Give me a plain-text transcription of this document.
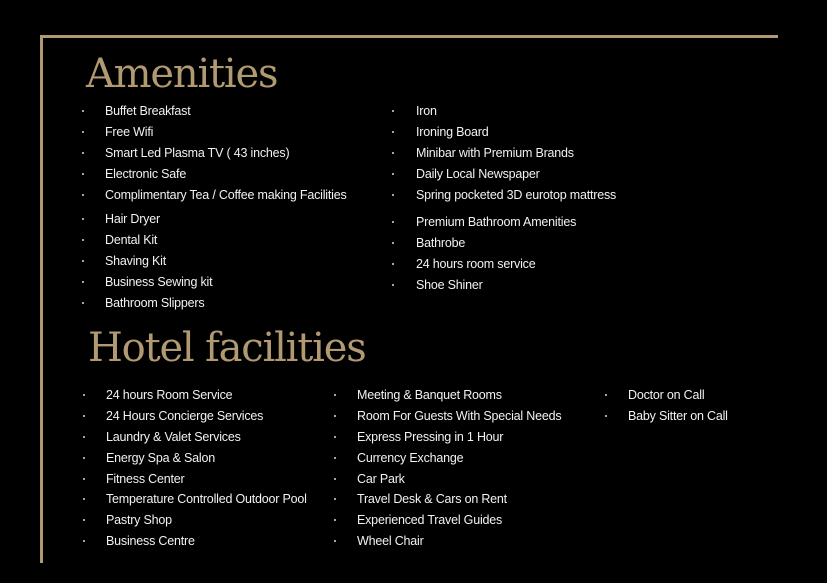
Amenities
Buffet Breakfast
Free Wifi
Smart Led Plasma TV ( 43 inches)
Electronic Safe
Complimentary Tea / Coffee making Facilities
Hair Dryer
Dental Kit
Shaving Kit
Business Sewing kit
Bathroom Slippers
Iron
Ironing Board
Minibar with Premium Brands
Daily Local Newspaper
Spring pocketed 3D eurotop mattress
Premium Bathroom Amenities
Bathrobe
24 hours room service
Shoe Shiner
Hotel facilities
24 hours Room Service
24 Hours Concierge Services
Laundry & Valet Services
Energy Spa & Salon
Fitness Center
Temperature Controlled Outdoor Pool
Pastry Shop
Business Centre
Meeting & Banquet Rooms
Room For Guests With Special Needs
Express Pressing in 1 Hour
Currency Exchange
Car Park
Travel Desk & Cars on Rent
Experienced Travel Guides
Wheel Chair
Doctor on Call
Baby Sitter on Call
